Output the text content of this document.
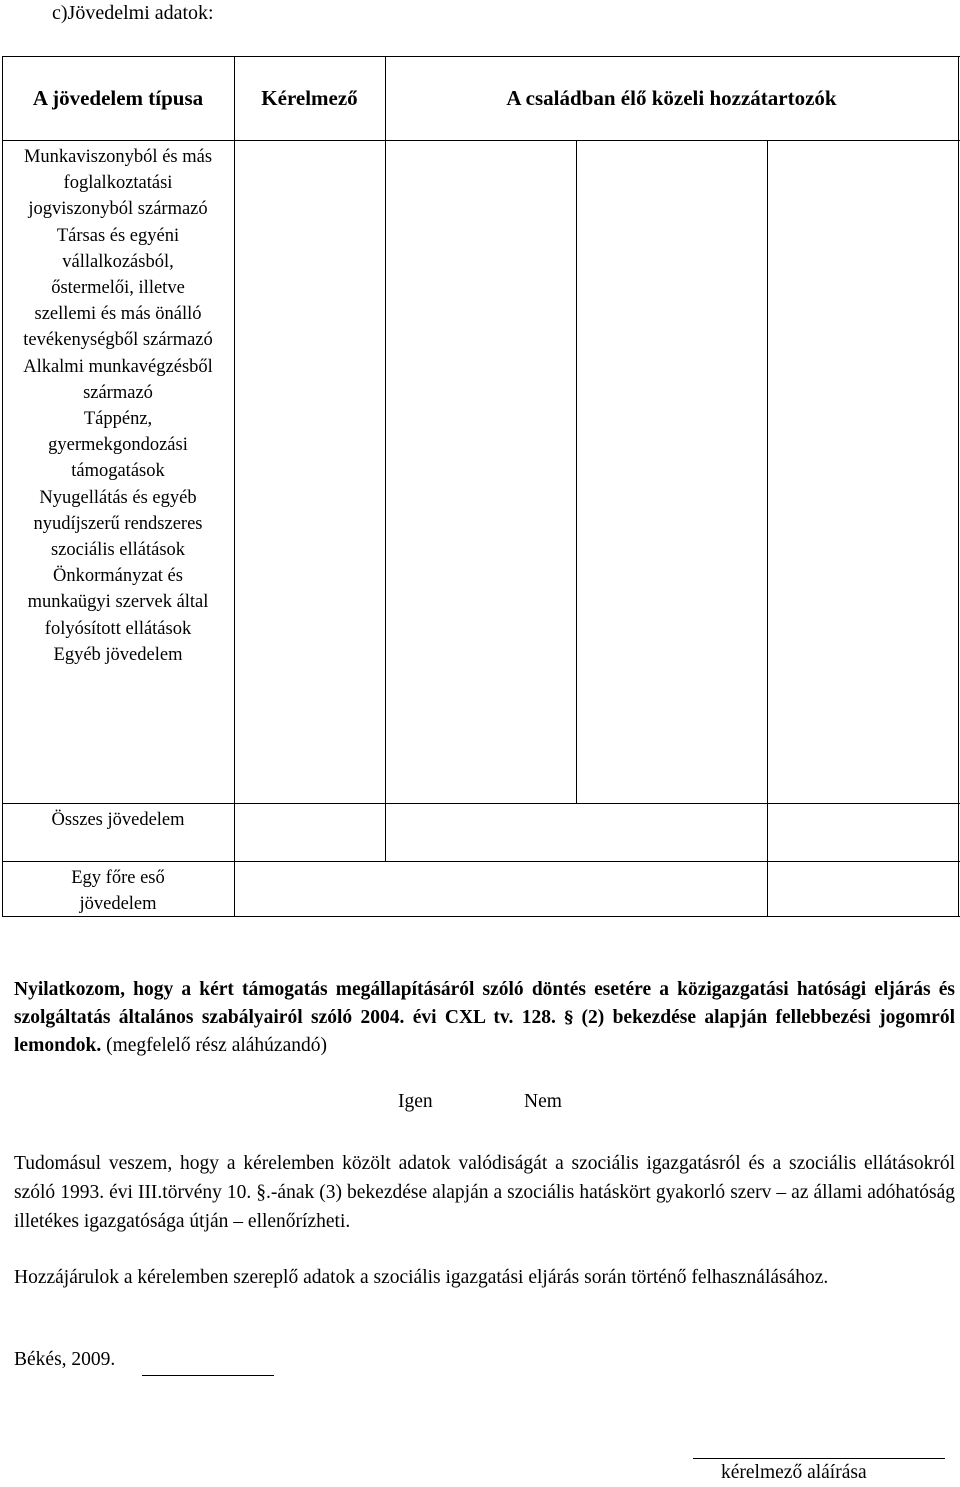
c)Jövedelmi adatok:
A jövedelem típusa	Kérelmező	A családban élő közeli hozzátartozók
Munkaviszonyból és más foglalkoztatási jogviszonyból származó
Társas és egyéni vállalkozásból, őstermelői, illetve szellemi és más önálló tevékenységből származó
Alkalmi munkavégzésből származó
Táppénz, gyermekgondozási támogatások
Nyugellátás és egyéb nyudíjszerű rendszeres szociális ellátások
Önkormányzat és munkaügyi szervek által folyósított ellátások
Egyéb jövedelem
Összes jövedelem
Egy főre eső jövedelem
Nyilatkozom, hogy a kért támogatás megállapításáról szóló döntés esetére a közigazgatási hatósági eljárás és szolgáltatás általános szabályairól szóló 2004. évi CXL tv. 128. § (2) bekezdése alapján fellebbezési jogomról lemondok. (megfelelő rész aláhúzandó)
Igen	Nem
Tudomásul veszem, hogy a kérelemben közölt adatok valódiságát a szociális igazgatásról és a szociális ellátásokról szóló 1993. évi III.törvény 10. §.-ának (3) bekezdése alapján a szociális hatáskört gyakorló szerv – az állami adóhatóság illetékes igazgatósága útján – ellenőrízheti.
Hozzájárulok a kérelemben szereplő adatok a szociális igazgatási eljárás során történő felhasználásához.
Békés, 2009.
kérelmező aláírása
